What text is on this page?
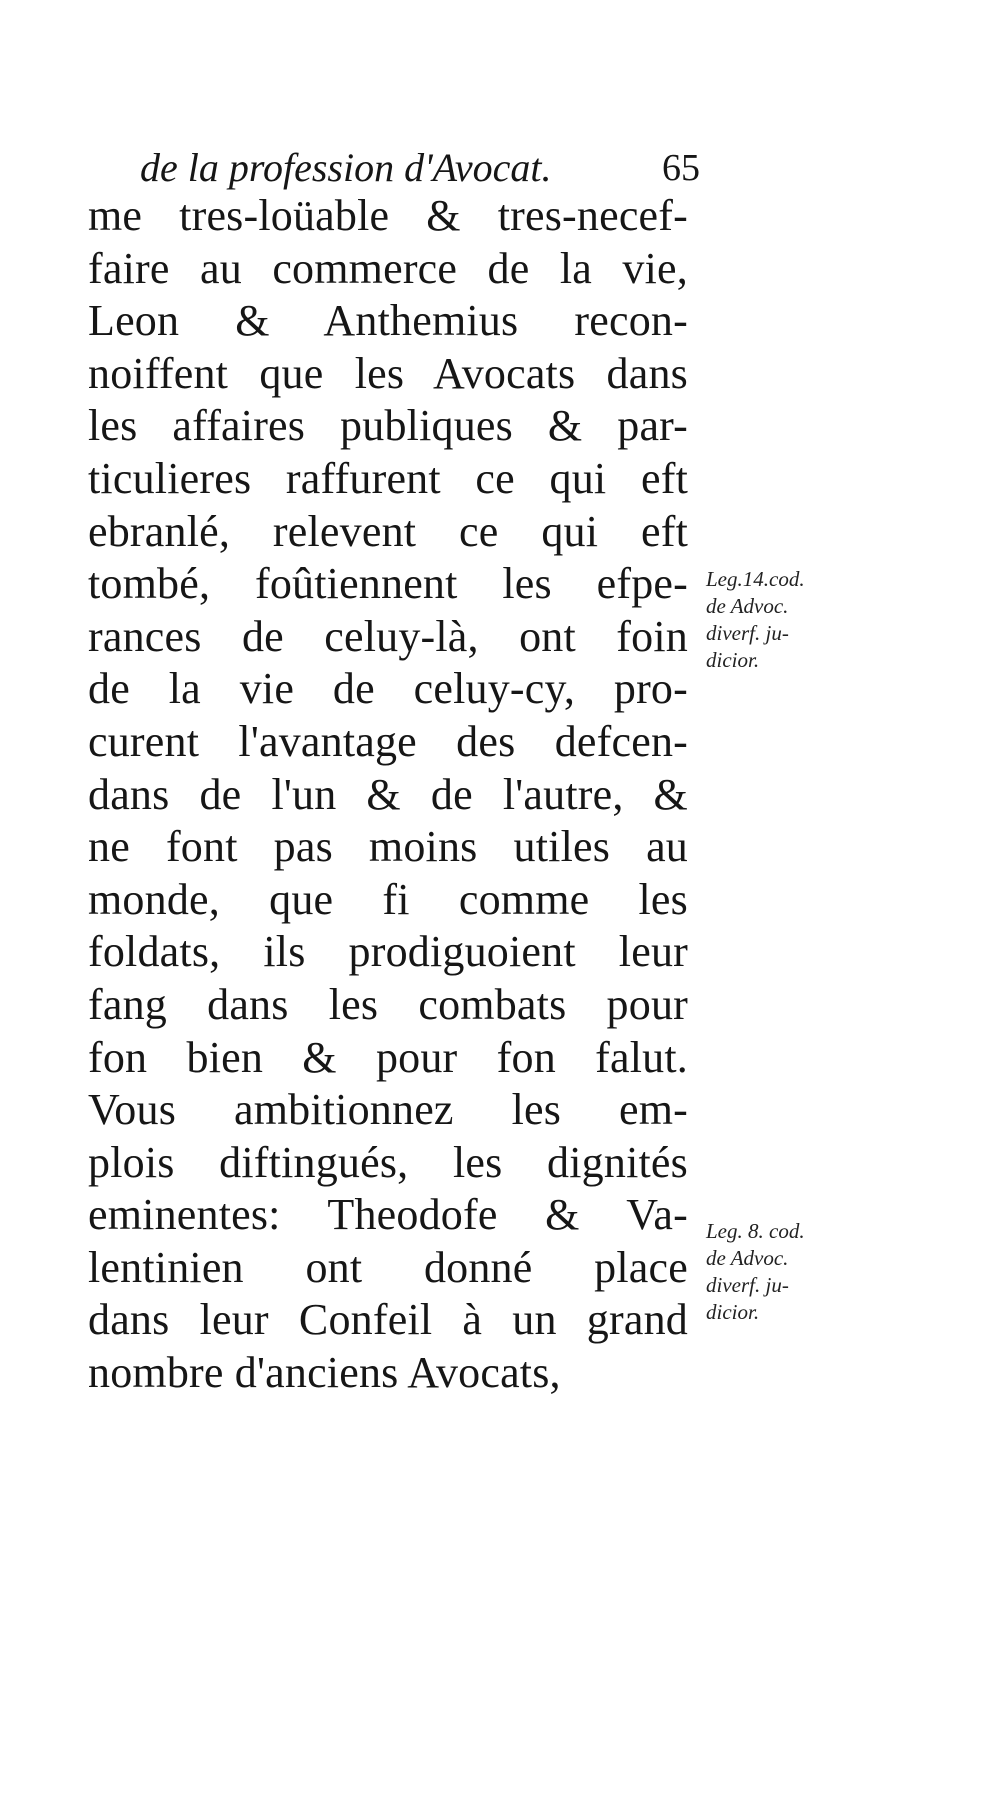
de la profession d'Avocat.	65
me tres-loüable & tres-necef-
faire au commerce de la vie,
Leon & Anthemius recon-
noiffent que les Avocats dans
les affaires publiques & par-
ticulieres raffurent ce qui eft
ebranlé, relevent ce qui eft
tombé, foûtiennent les efpe-
rances de celuy-là, ont foin
de la vie de celuy-cy, pro-
curent l'avantage des defcen-
dans de l'un & de l'autre, &
ne font pas moins utiles au
monde, que fi comme les
foldats, ils prodiguoient leur
fang dans les combats pour
fon bien & pour fon falut.
Vous ambitionnez les em-
plois diftingués, les dignités
eminentes: Theodofe & Va-
lentinien ont donné place
dans leur Confeil à un grand
nombre d'anciens Avocats,
Leg.14.cod.
de Advoc.
diverf. ju-
dicior.
Leg. 8. cod.
de Advoc.
diverf. ju-
dicior.
